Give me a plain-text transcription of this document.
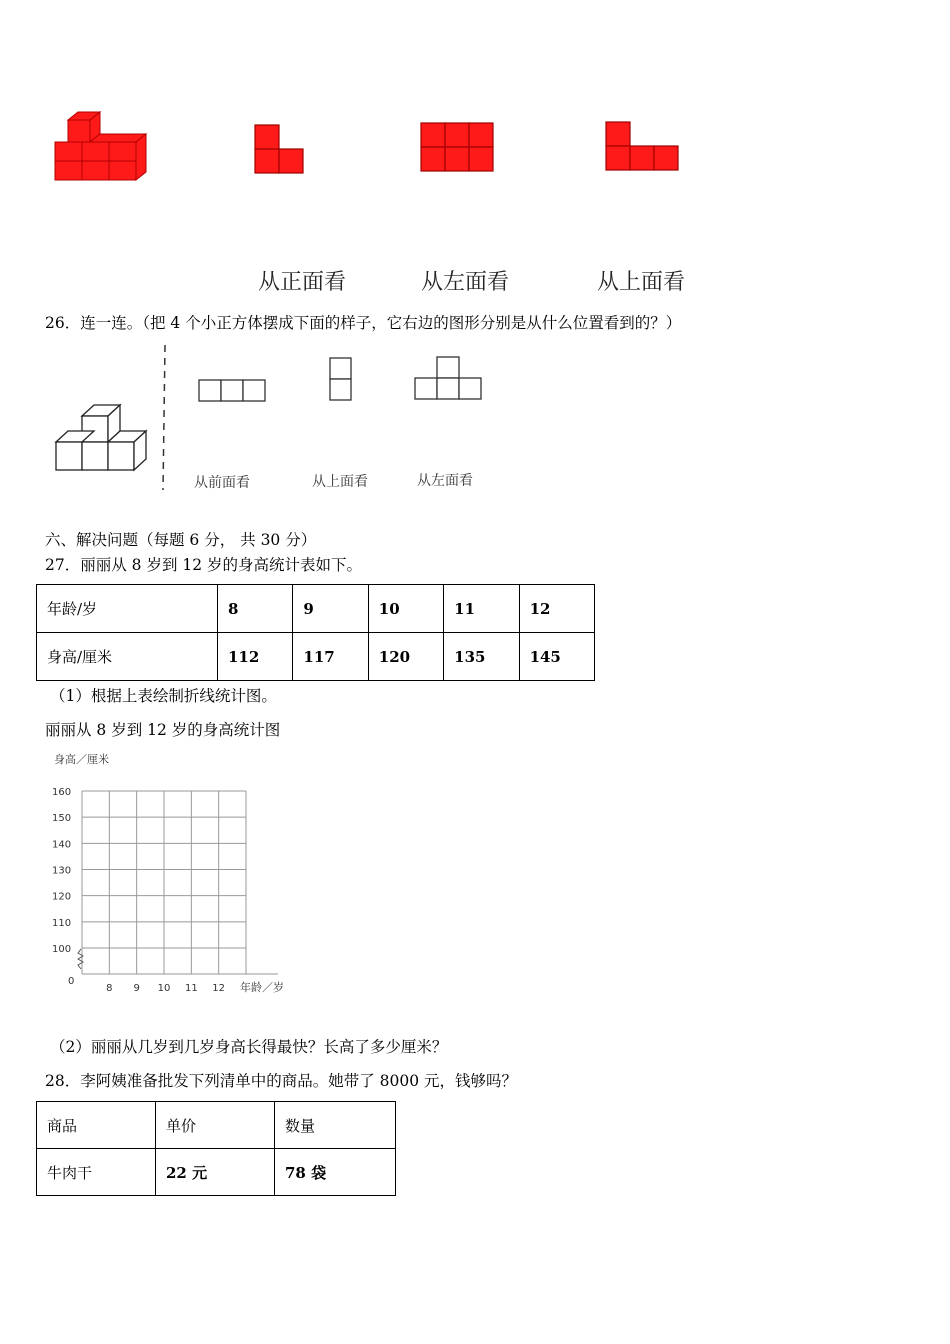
从正面看	从左面看	从上面看
26．连一连。（把 4 个小正方体摆成下面的样子，它右边的图形分别是从什么位置看到的？）
从前面看	从上面看	从左面看
六、解决问题（每题 6 分， 共 30 分）
27．丽丽从 8 岁到 12 岁的身高统计表如下。
年龄/岁	8	9	10	11	12
身高/厘米	112	117	120	135	145
（1）根据上表绘制折线统计图。
丽丽从 8 岁到 12 岁的身高统计图
身高／厘米
160
150
140
130
120
110
100
8 9 10 11 12
0	年龄／岁
（2）丽丽从几岁到几岁身高长得最快？长高了多少厘米？
28．李阿姨准备批发下列清单中的商品。她带了 8000 元，钱够吗？
商品	单价	数量
牛肉干	22 元	78 袋
